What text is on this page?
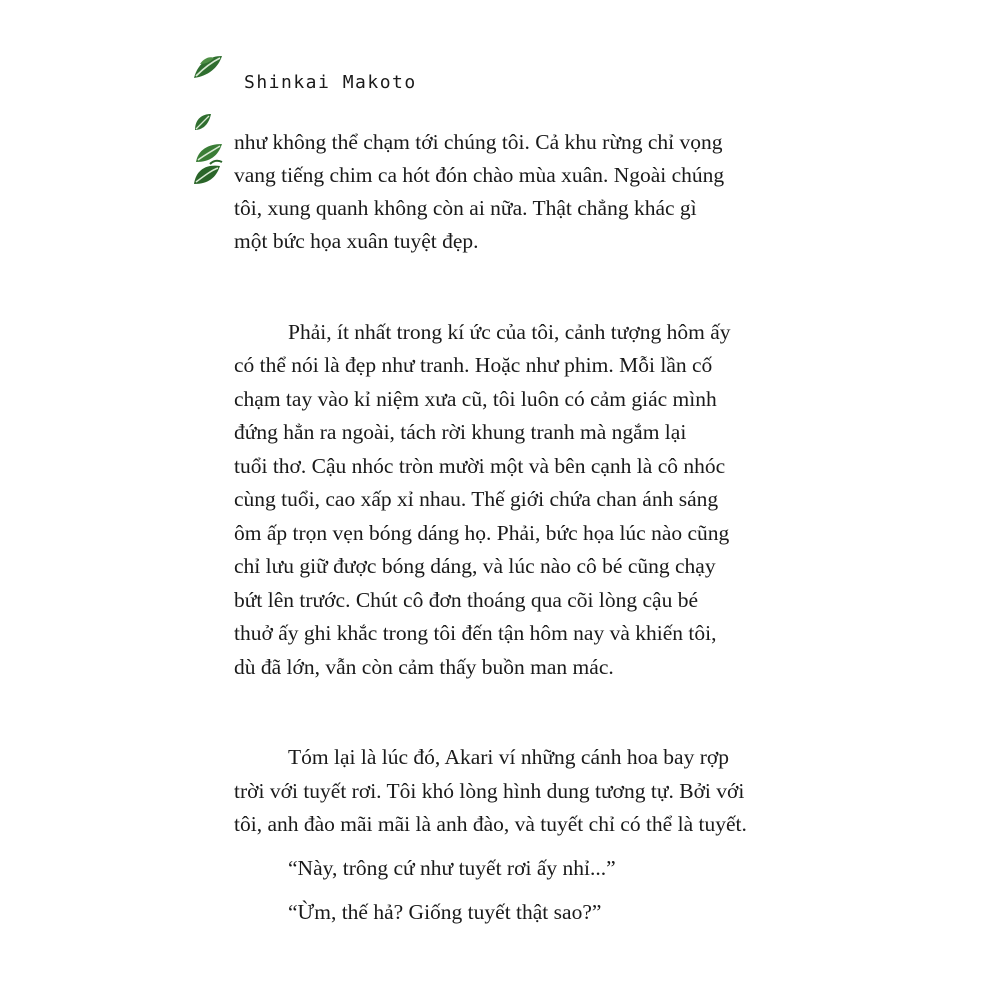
Shinkai Makoto
như không thể chạm tới chúng tôi. Cả khu rừng chỉ vọng
vang tiếng chim ca hót đón chào mùa xuân. Ngoài chúng
tôi, xung quanh không còn ai nữa. Thật chẳng khác gì
một bức họa xuân tuyệt đẹp.
Phải, ít nhất trong kí ức của tôi, cảnh tượng hôm ấy
có thể nói là đẹp như tranh. Hoặc như phim. Mỗi lần cố
chạm tay vào kỉ niệm xưa cũ, tôi luôn có cảm giác mình
đứng hẳn ra ngoài, tách rời khung tranh mà ngắm lại
tuổi thơ. Cậu nhóc tròn mười một và bên cạnh là cô nhóc
cùng tuổi, cao xấp xỉ nhau. Thế giới chứa chan ánh sáng
ôm ấp trọn vẹn bóng dáng họ. Phải, bức họa lúc nào cũng
chỉ lưu giữ được bóng dáng, và lúc nào cô bé cũng chạy
bứt lên trước. Chút cô đơn thoáng qua cõi lòng cậu bé
thuở ấy ghi khắc trong tôi đến tận hôm nay và khiến tôi,
dù đã lớn, vẫn còn cảm thấy buồn man mác.
Tóm lại là lúc đó, Akari ví những cánh hoa bay rợp
trời với tuyết rơi. Tôi khó lòng hình dung tương tự. Bởi với
tôi, anh đào mãi mãi là anh đào, và tuyết chỉ có thể là tuyết.
“Này, trông cứ như tuyết rơi ấy nhỉ...”
“Ừm, thế hả? Giống tuyết thật sao?”
